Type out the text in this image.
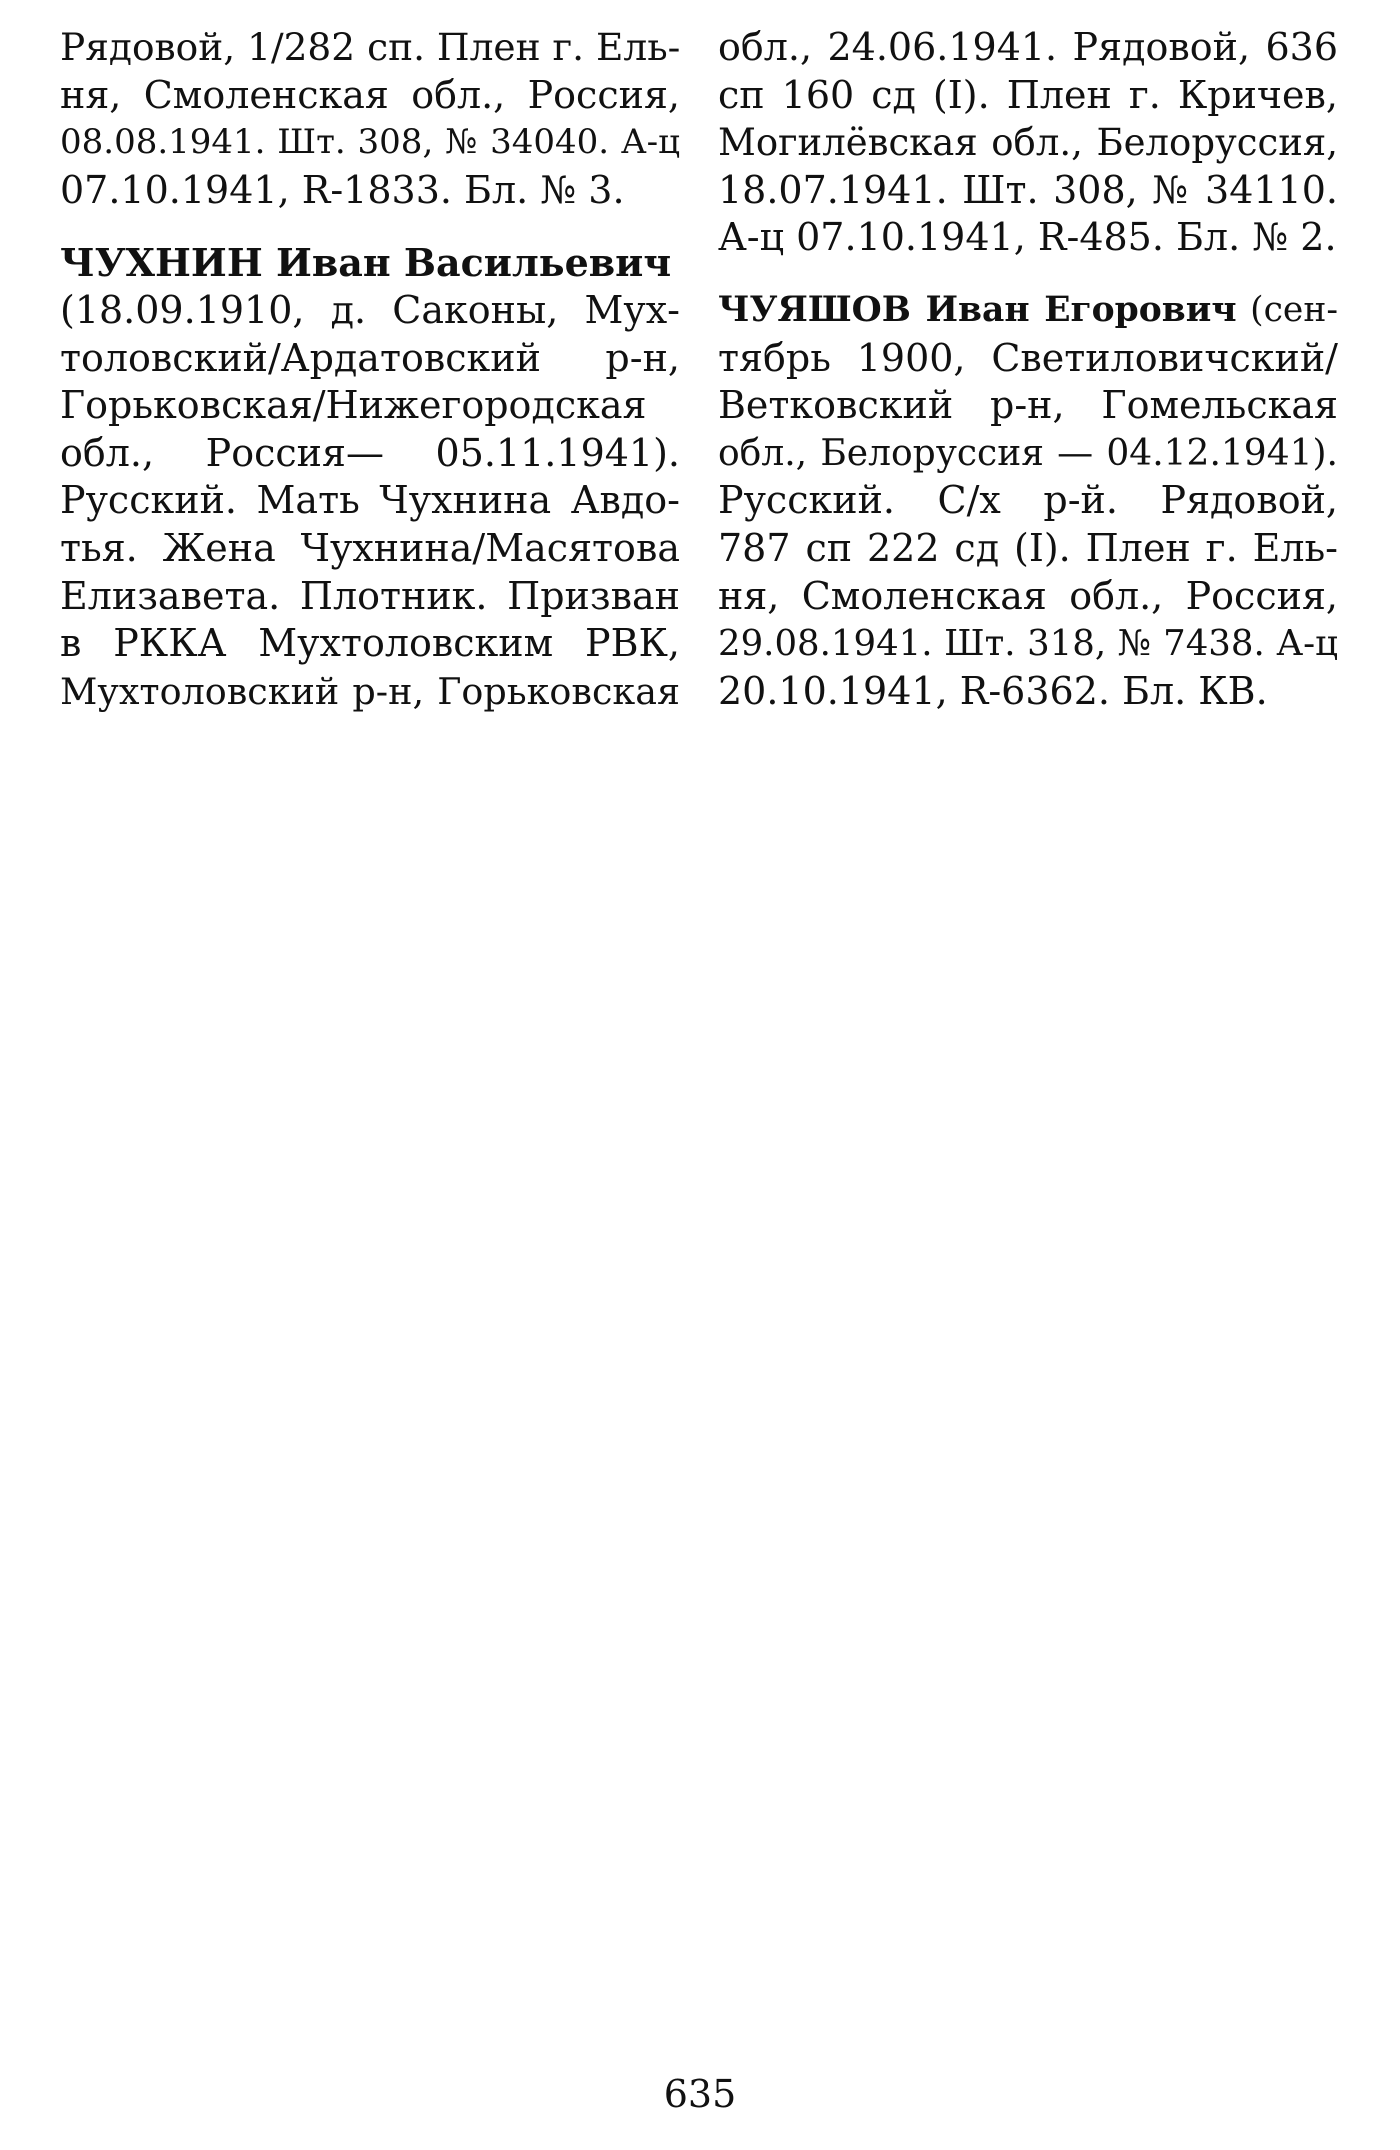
Рядовой, 1/282 сп. Плен г. Ель-
ня, Смоленская обл., Россия,
08.08.1941. Шт. 308, № 34040. А-ц
07.10.1941, R-1833. Бл. № 3.
ЧУХНИН Иван Васильевич
(18.09.1910, д. Саконы, Мух-
толовский/Ардатовский р-н,
Горьковская/Нижегородская
обл., Россия— 05.11.1941).
Русский. Мать Чухнина Авдо-
тья. Жена Чухнина/Масятова
Елизавета. Плотник. Призван
в РККА Мухтоловским РВК,
Мухтоловский р-н, Горьковская
обл., 24.06.1941. Рядовой, 636
сп 160 сд (I). Плен г. Кричев,
Могилёвская обл., Белоруссия,
18.07.1941. Шт. 308, № 34110.
А-ц 07.10.1941, R-485. Бл. № 2.
ЧУЯШОВ Иван Егорович (сен-
тябрь 1900, Светиловичский/
Ветковский р-н, Гомельская
обл., Белоруссия — 04.12.1941).
Русский. С/х р-й. Рядовой,
787 сп 222 сд (I). Плен г. Ель-
ня, Смоленская обл., Россия,
29.08.1941. Шт. 318, № 7438. А-ц
20.10.1941, R-6362. Бл. КВ.
635
